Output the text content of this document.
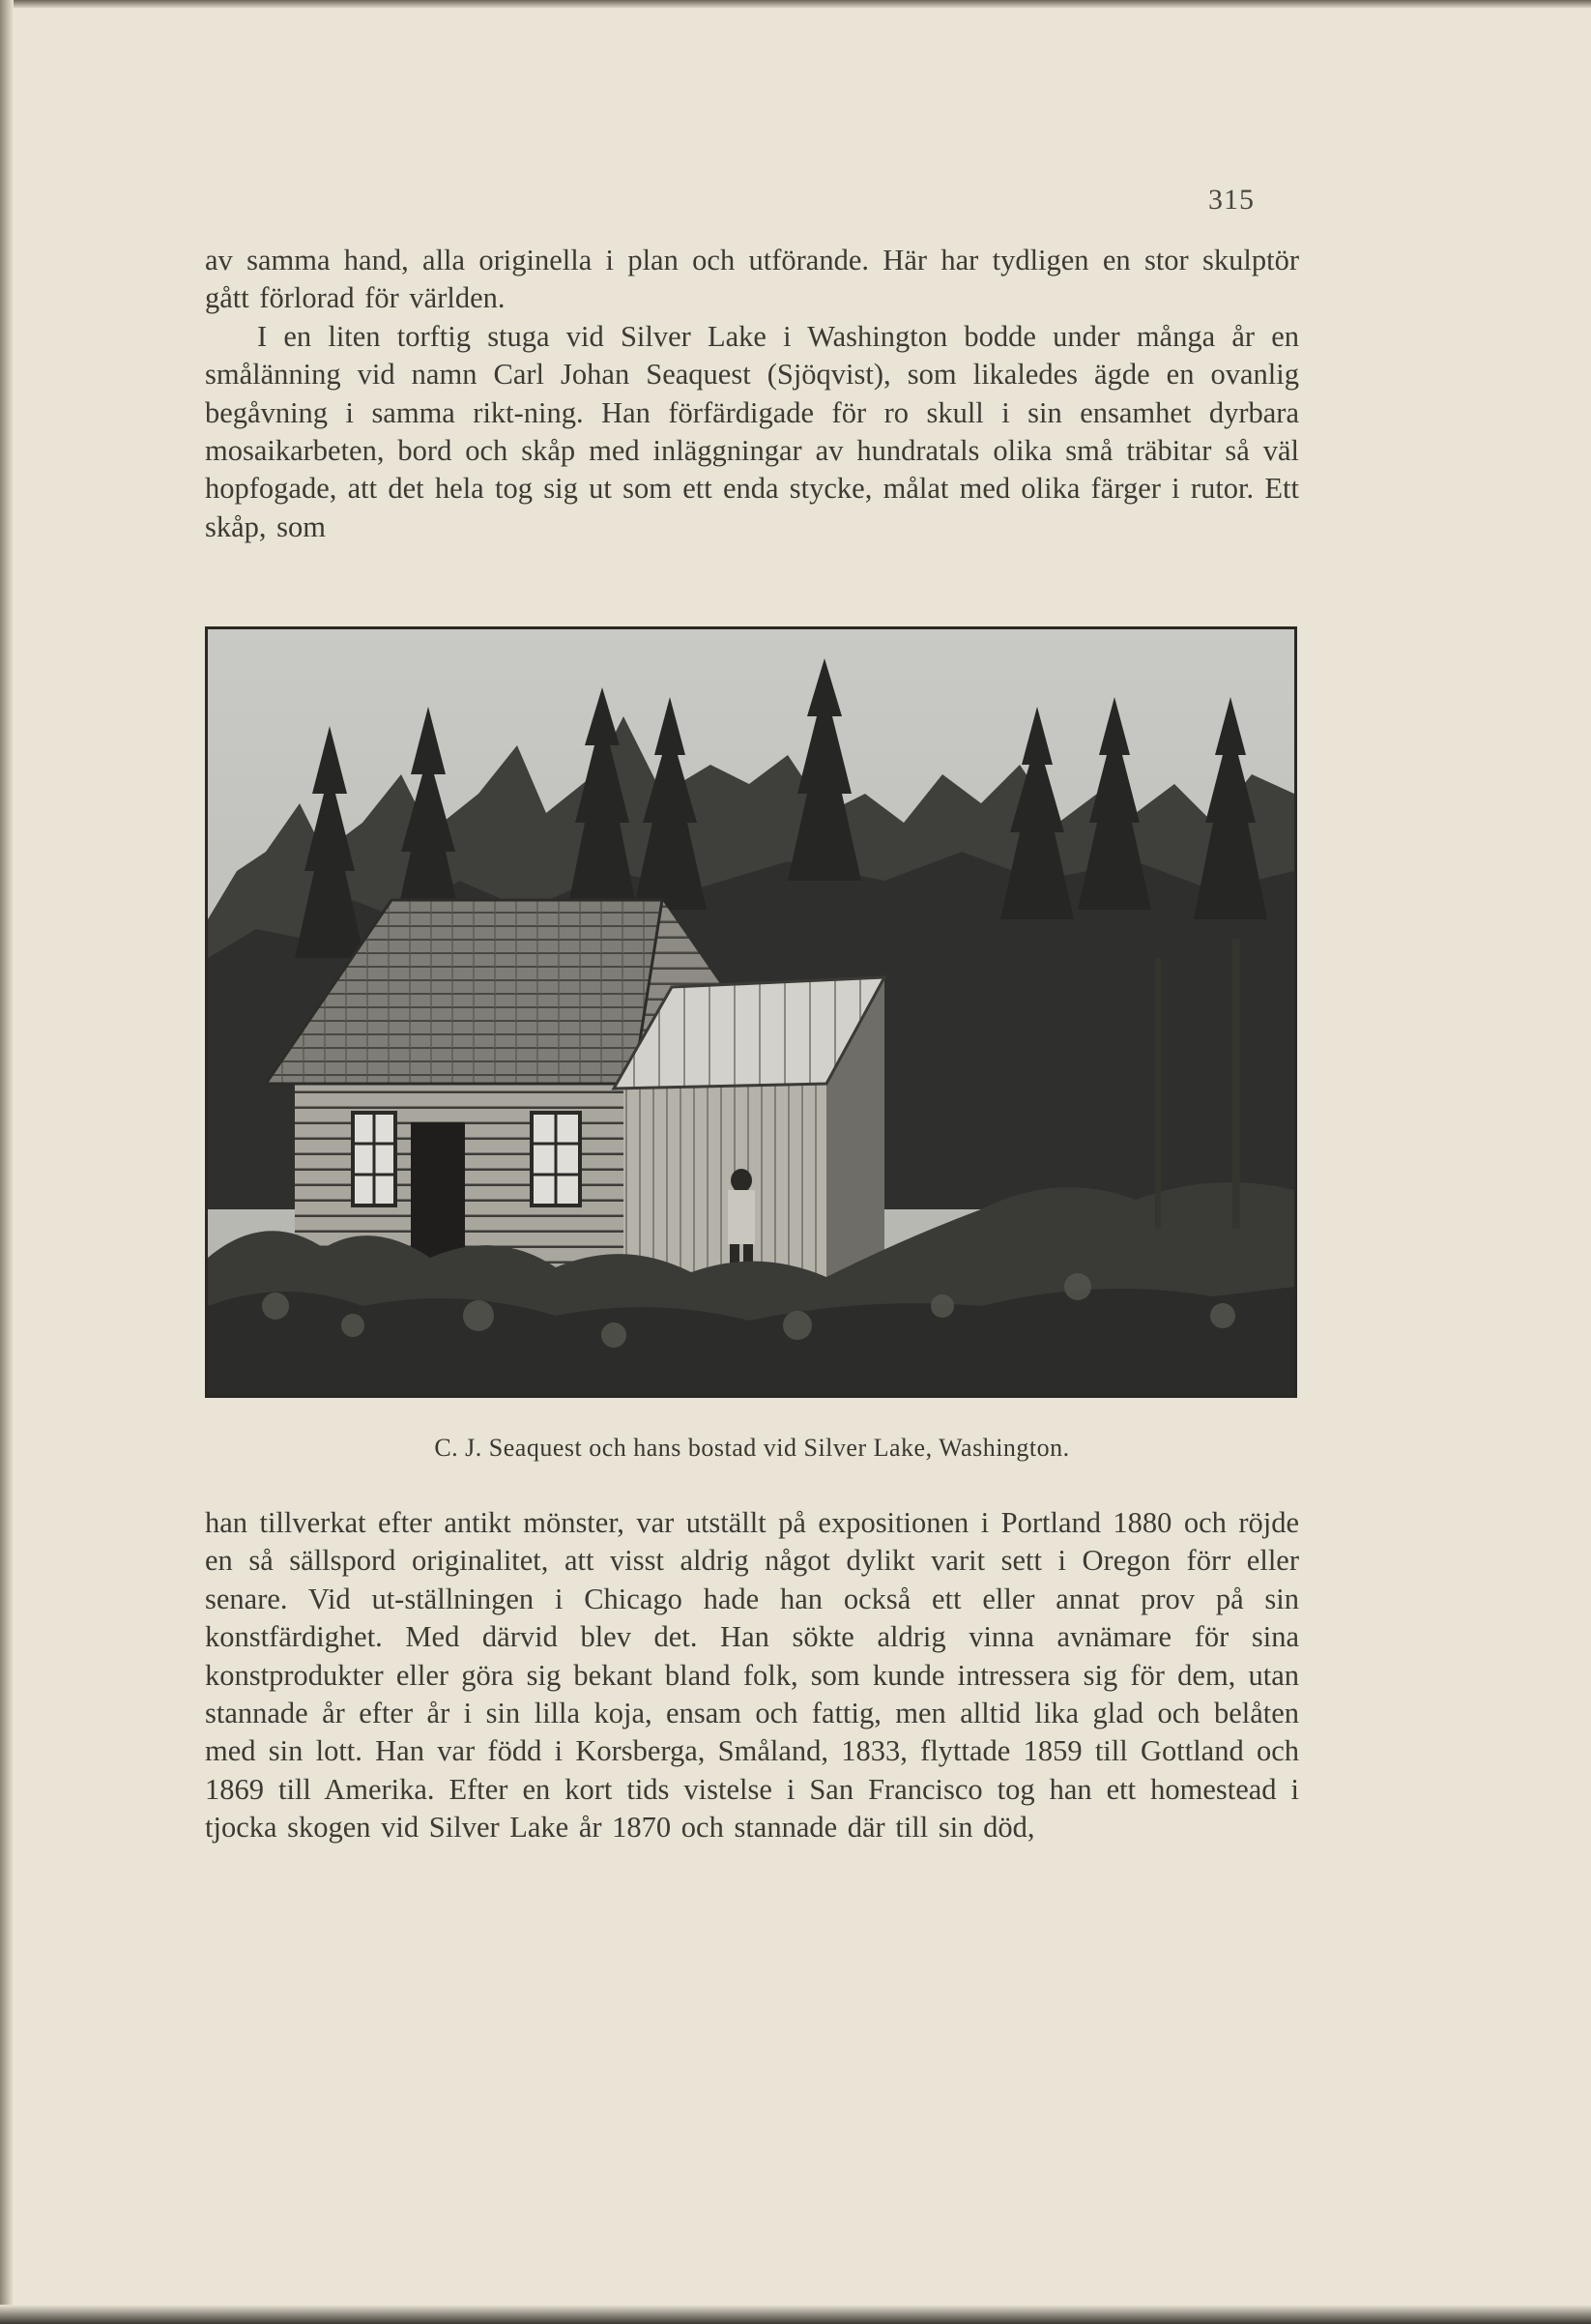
315

av samma hand, alla originella i plan och utförande. Här har tydligen en stor skulptör gått förlorad för världen.

I en liten torftig stuga vid Silver Lake i Washington bodde under många år en smålänning vid namn Carl Johan Seaquest (Sjöqvist), som likaledes ägde en ovanlig begåvning i samma rikt-ning. Han förfärdigade för ro skull i sin ensamhet dyrbara mosaikarbeten, bord och skåp med inläggningar av hundratals olika små träbitar så väl hopfogade, att det hela tog sig ut som ett enda stycke, målat med olika färger i rutor. Ett skåp, som

C. J. Seaquest och hans bostad vid Silver Lake, Washington.

han tillverkat efter antikt mönster, var utställt på expositionen i Portland 1880 och röjde en så sällspord originalitet, att visst aldrig något dylikt varit sett i Oregon förr eller senare. Vid ut-ställningen i Chicago hade han också ett eller annat prov på sin konstfärdighet. Med därvid blev det. Han sökte aldrig vinna avnämare för sina konstprodukter eller göra sig bekant bland folk, som kunde intressera sig för dem, utan stannade år efter år i sin lilla koja, ensam och fattig, men alltid lika glad och belåten med sin lott. Han var född i Korsberga, Småland, 1833, flyttade 1859 till Gottland och 1869 till Amerika. Efter en kort tids vistelse i San Francisco tog han ett homestead i tjocka skogen vid Silver Lake år 1870 och stannade där till sin död,
